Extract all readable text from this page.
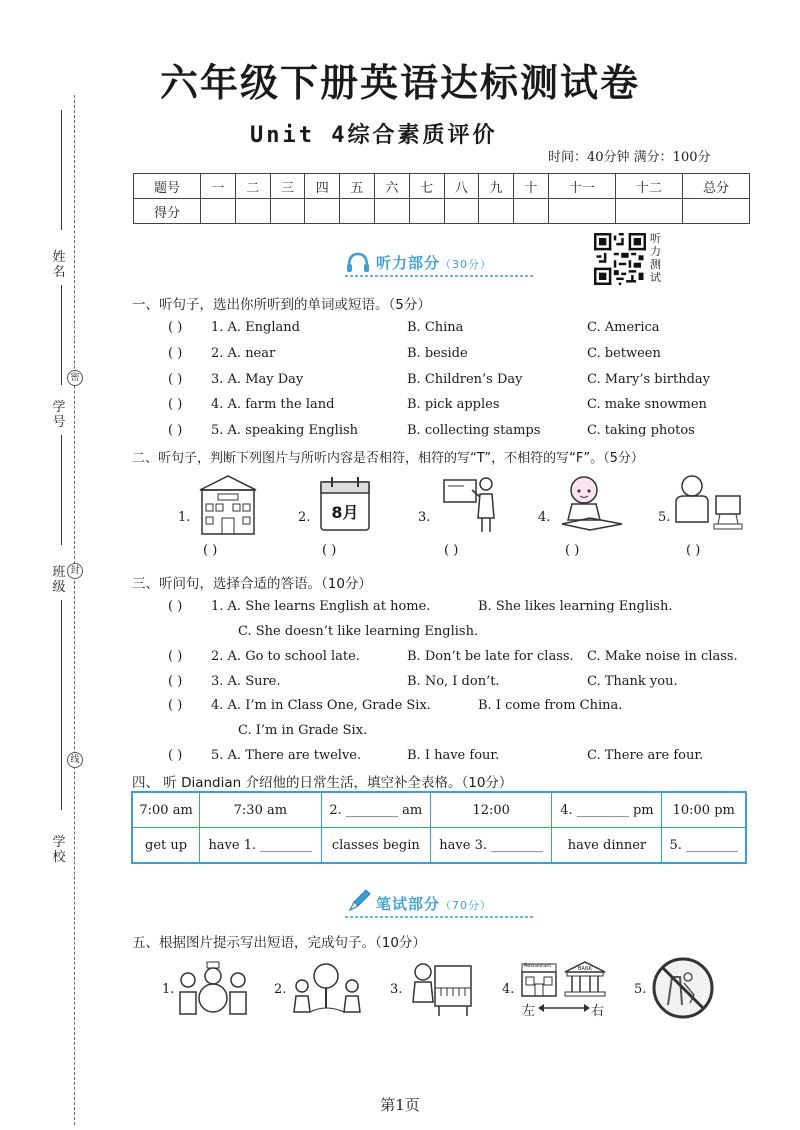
姓名
学号
班级
学校
密
封
线
六年级下册英语达标测试卷
Unit 4综合素质评价
时间：40分钟 满分：100分
题号	一	二	三	四	五	六	七	八	九	十	十一	十二	总分
得分													
听力部分（30分）
听
力
测
试
一、听句子，选出你所听到的单词或短语。（5分）
( ) 1. A. England	B. China	C. America
( ) 2. A. near	B. beside	C. between
( ) 3. A. May Day	B. Children’s Day	C. Mary’s birthday
( ) 4. A. farm the land	B. pick apples	C. make snowmen
( ) 5. A. speaking English	B. collecting stamps	C. taking photos
二、听句子，判断下列图片与所听内容是否相符，相符的写“T”，不相符的写“F”。（5分）
1.
( )
2. 8月
( )
3.
( )
4.
( )
5.
( )
三、听问句，选择合适的答语。（10分）
( ) 1. A. She learns English at home.	B. She likes learning English.
C. She doesn’t like learning English.
( ) 2. A. Go to school late.	B. Don’t be late for class. C. Make noise in class.
( ) 3. A. Sure.	B. No, I don’t.	C. Thank you.
( ) 4. A. I’m in Class One, Grade Six.	B. I come from China.
C. I’m in Grade Six.
( ) 5. A. There are twelve.	B. I have four.	C. There are four.
四、 听 Diandian 介绍他的日常生活，填空补全表格。（10分）
7:00 am	7:30 am	2. ________ am	12:00	4. ________ pm	10:00 pm
get up	have 1. ________	classes begin	have 3. ________	have dinner	5. ________
笔试部分（70分）
五、根据图片提示写出短语，完成句子。（10分）
1.	2.	3.	4.
Restaurant	BANK
左	右
5.
第1页
